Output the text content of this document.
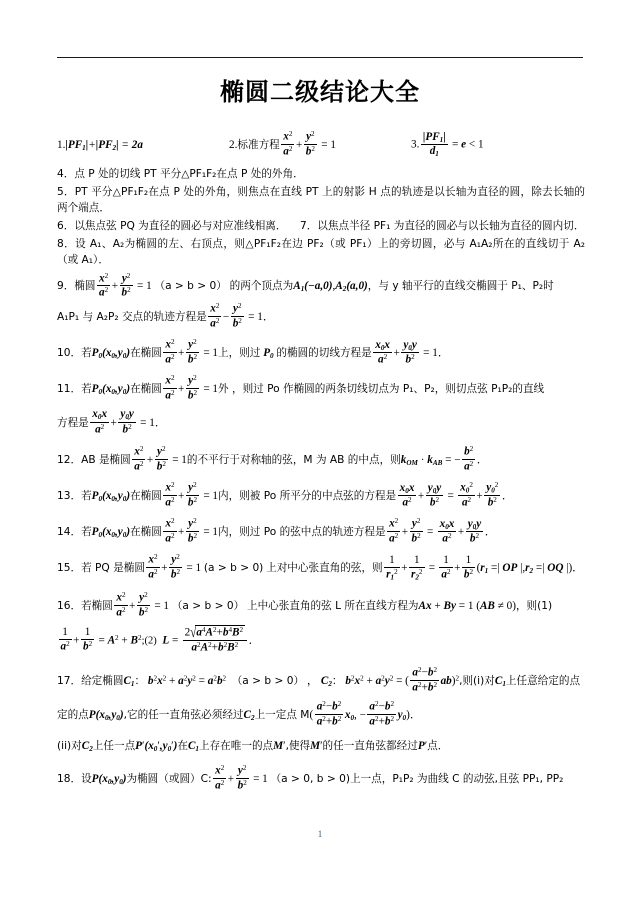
椭圆二级结论大全
$1.|PF_1|+|PF_2| = 2a$	2.标准方程 $\frac{x^2}{a^2} + \frac{y^2}{b^2} = 1$	3. $\frac{|PF_1|}{d_1} = e < 1$
4．点 P 处的切线 PT 平分△PF₁F₂在点 P 处的外角．
5．PT 平分△PF₁F₂在点 P 处的外角，则焦点在直线 PT 上的射影 H 点的轨迹是以长轴为直径的圆，除去长轴的两个端点．
6．以焦点弦 PQ 为直径的圆必与对应准线相离． 7．以焦点半径 PF₁ 为直径的圆必与以长轴为直径的圆内切．
8．设 A₁、A₂为椭圆的左、右顶点，则△PF₁F₂在边 PF₂（或 PF₁）上的旁切圆，必与 A₁A₂所在的直线切于 A₂（或 A₁）．
9．椭圆 $\frac{x^2}{a^2} + \frac{y^2}{b^2} = 1$ （a > b > 0） 的两个顶点为$A_1(-a,0),A_2(a,0)$，与 y 轴平行的直线交椭圆于 P₁、P₂时
A₁P₁ 与 A₂P₂ 交点的轨迹方程是 $\frac{x^2}{a^2} - \frac{y^2}{b^2} = 1$．
10．若$P_0(x_0,y_0)$在椭圆 $\frac{x^2}{a^2} + \frac{y^2}{b^2} = 1$上，则过 $P_0$ 的椭圆的切线方程是 $\frac{x_0x}{a^2} + \frac{y_0y}{b^2} = 1$．
11．若$P_0(x_0,y_0)$在椭圆 $\frac{x^2}{a^2} + \frac{y^2}{b^2} = 1$外 ，则过 Po 作椭圆的两条切线切点为 P₁、P₂，则切点弦 P₁P₂的直线
方程是 $\frac{x_0x}{a^2} + \frac{y_0y}{b^2} = 1$．
12．AB 是椭圆 $\frac{x^2}{a^2} + \frac{y^2}{b^2} = 1$的不平行于对称轴的弦，M 为 AB 的中点，则$k_{OM} \cdot k_{AB}$ = − $\frac{b^2}{a^2}$ ．
13．若$P_0(x_0,y_0)$在椭圆 $\frac{x^2}{a^2} + \frac{y^2}{b^2} = 1$内，则被 Po 所平分的中点弦的方程是 $\frac{x_0x}{a^2} + \frac{y_0y}{b^2} = \frac{x_0^2}{a^2} + \frac{y_0^2}{b^2}$ ．
14．若$P_0(x_0,y_0)$在椭圆 $\frac{x^2}{a^2} + \frac{y^2}{b^2} = 1$内，则过 Po 的弦中点的轨迹方程是 $\frac{x^2}{a^2} + \frac{y^2}{b^2} = \frac{x_0x}{a^2} + \frac{y_0y}{b^2}$ ．
15．若 PQ 是椭圆 $\frac{x^2}{a^2} + \frac{y^2}{b^2} = 1$ (a > b > 0) 上对中心张直角的弦，则 $\frac{1}{r_1^2} + \frac{1}{r_2^2} = \frac{1}{a^2} + \frac{1}{b^2} (r_1$ =| OP $|,r_2$ =| OQ |)．
16．若椭圆 $\frac{x^2}{a^2} + \frac{y^2}{b^2} = 1$ （a > b > 0） 上中心张直角的弦 L 所在直线方程为Ax + By = 1 (AB ≠ 0)，则(1)
$\frac{1}{a^2} + \frac{1}{b^2} = A^2$ + $B^2;(2) L = \frac{2√a^4A^2+b^4B^2}{a^2A^2+b^2B^2}$ ．
17．给定椭圆$C_1$： $b^2x^2 + a^2y^2 = a^2b^2$ （a > b > 0） ， $C_2$： $b^2x^2 + a^2y^2$ = ( $\frac{a^2-b^2}{a^2+b^2} ab)^2$,则(i)对$C_1$上任意给定的点
定的点$P(x_0,y_0)$,它的任一直角弦必须经过$C_2$上一定点 $M( \frac{a^2-b^2}{a^2+b^2} x_0$, − $\frac{a^2-b^2}{a^2+b^2} y_0$)．
(ii)对$C_2$上任一点$P'(x_0',y_0')$在$C_1$上存在唯一的点M′,使得M′的任一直角弦都经过P′点．
18．设$P(x_0,y_0)$为椭圆（或圆）C: $\frac{x^2}{a^2} + \frac{y^2}{b^2} = 1$ （a > 0, b > 0)上一点，P₁P₂ 为曲线 C 的动弦,且弦 PP₁, PP₂
1
